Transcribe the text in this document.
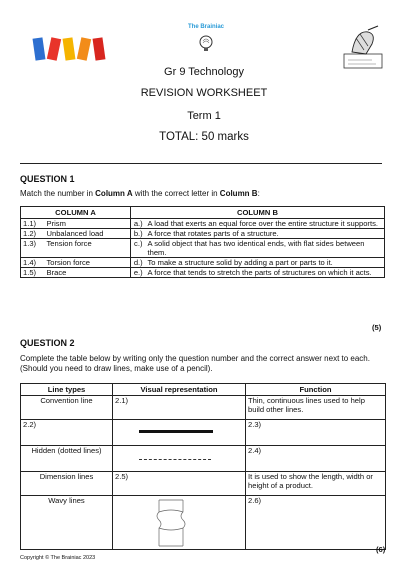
The Brainiac
Gr 9 Technology
REVISION WORKSHEET
Term 1
TOTAL: 50 marks
QUESTION 1
Match the number in Column A with the correct letter in Column B:
COLUMN A		COLUMN B	
1.1)	Prism	a.)	A load that exerts an equal force over the entire structure it supports.
1.2)	Unbalanced load	b.)	A force that rotates parts of a structure.
1.3)	Tension force	c.)	A solid object that has two identical ends, with flat sides between them.
1.4)	Torsion force	d.)	To make a structure solid by adding a part or parts to it.
1.5)	Brace	e.)	A force that tends to stretch the parts of structures on which it acts.
(5)
QUESTION 2
Complete the table below by writing only the question number and the correct answer next to each. (Should you need to draw lines, make use of a pencil).
Line types	Visual representation	Function
Convention line	2.1)	Thin, continuous lines used to help build other lines.
2.2)		2.3)
Hidden (dotted lines)		2.4)
Dimension lines	2.5)	It is used to show the length, width or height of a product.
Wavy lines		2.6)
(6)
Copyright © The Brainiac 2023
